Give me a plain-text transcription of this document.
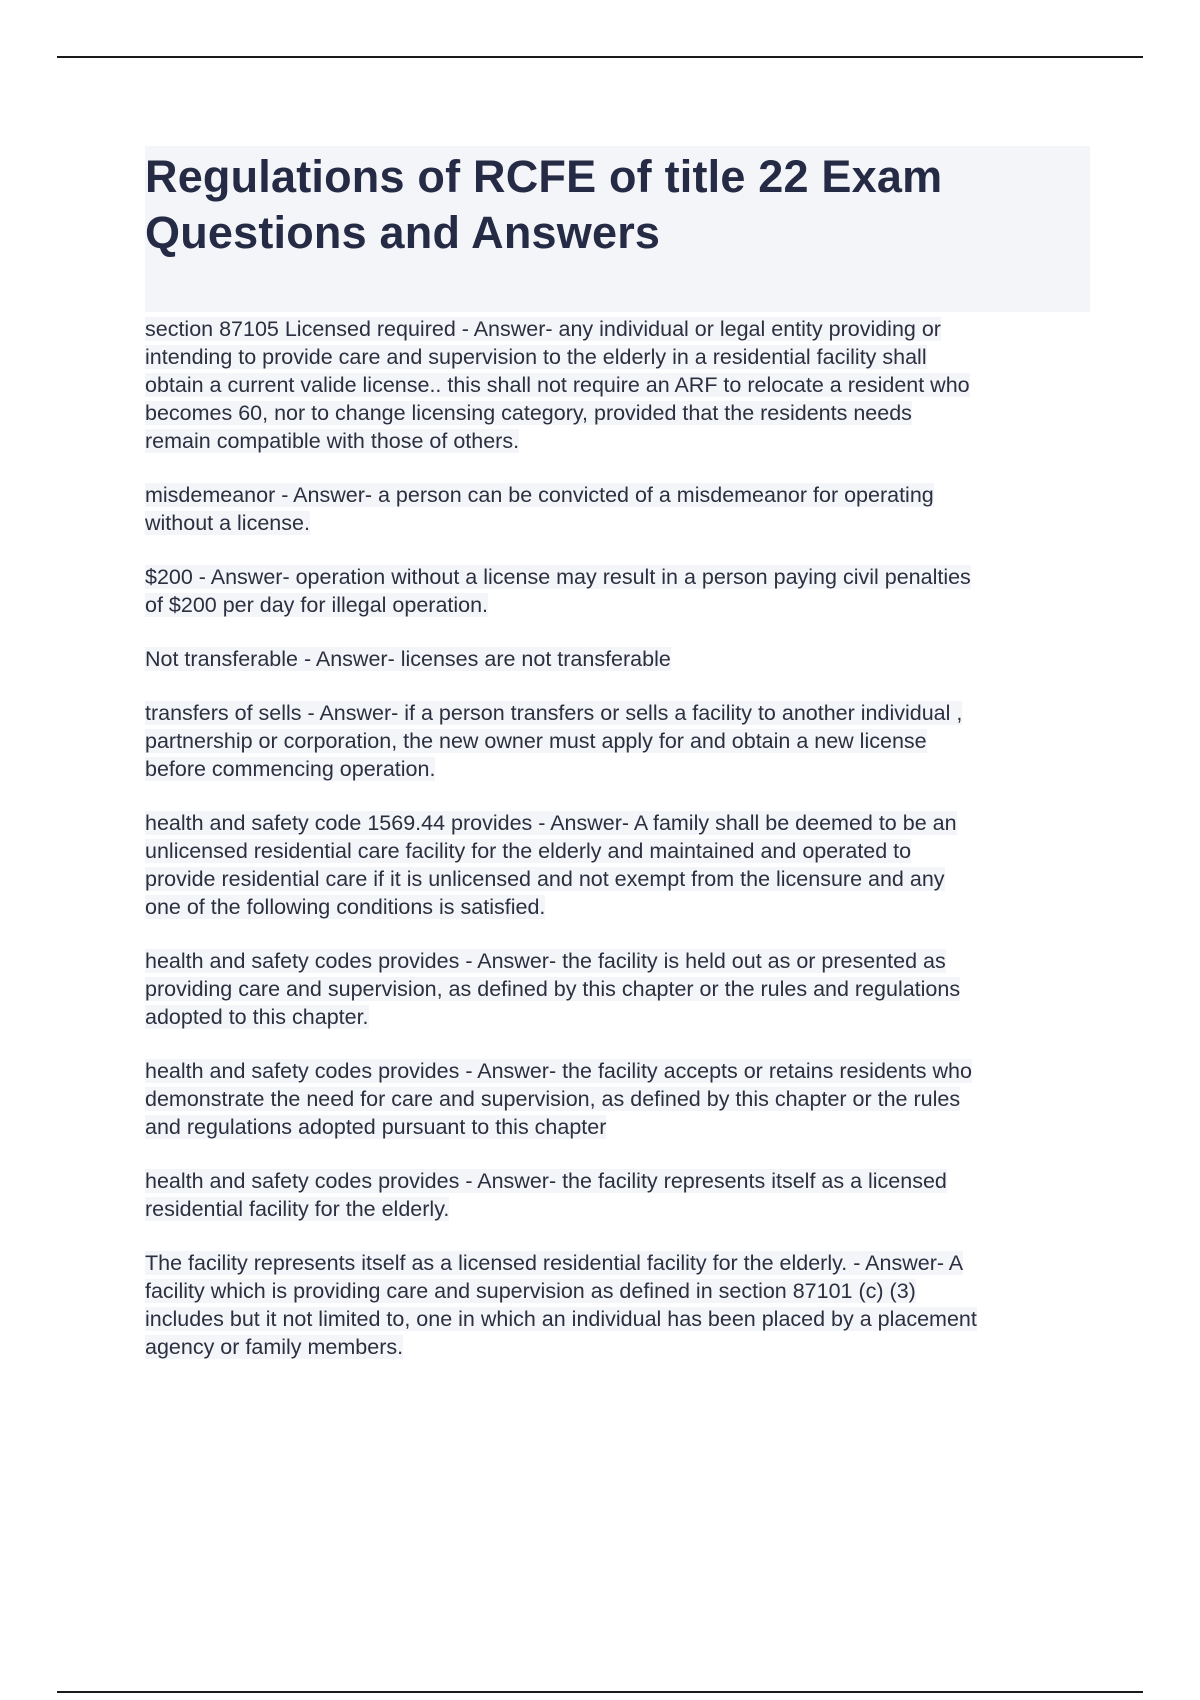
Regulations of RCFE of title 22 Exam
Questions and Answers
section 87105 Licensed required - Answer- any individual or legal entity providing or
intending to provide care and supervision to the elderly in a residential facility shall
obtain a current valide license.. this shall not require an ARF to relocate a resident who
becomes 60, nor to change licensing category, provided that the residents needs
remain compatible with those of others.
misdemeanor - Answer- a person can be convicted of a misdemeanor for operating
without a license.
$200 - Answer- operation without a license may result in a person paying civil penalties
of $200 per day for illegal operation.
Not transferable - Answer- licenses are not transferable
transfers of sells - Answer- if a person transfers or sells a facility to another individual ,
partnership or corporation, the new owner must apply for and obtain a new license
before commencing operation.
health and safety code 1569.44 provides - Answer- A family shall be deemed to be an
unlicensed residential care facility for the elderly and maintained and operated to
provide residential care if it is unlicensed and not exempt from the licensure and any
one of the following conditions is satisfied.
health and safety codes provides - Answer- the facility is held out as or presented as
providing care and supervision, as defined by this chapter or the rules and regulations
adopted to this chapter.
health and safety codes provides - Answer- the facility accepts or retains residents who
demonstrate the need for care and supervision, as defined by this chapter or the rules
and regulations adopted pursuant to this chapter
health and safety codes provides - Answer- the facility represents itself as a licensed
residential facility for the elderly.
The facility represents itself as a licensed residential facility for the elderly. - Answer- A
facility which is providing care and supervision as defined in section 87101 (c) (3)
includes but it not limited to, one in which an individual has been placed by a placement
agency or family members.
